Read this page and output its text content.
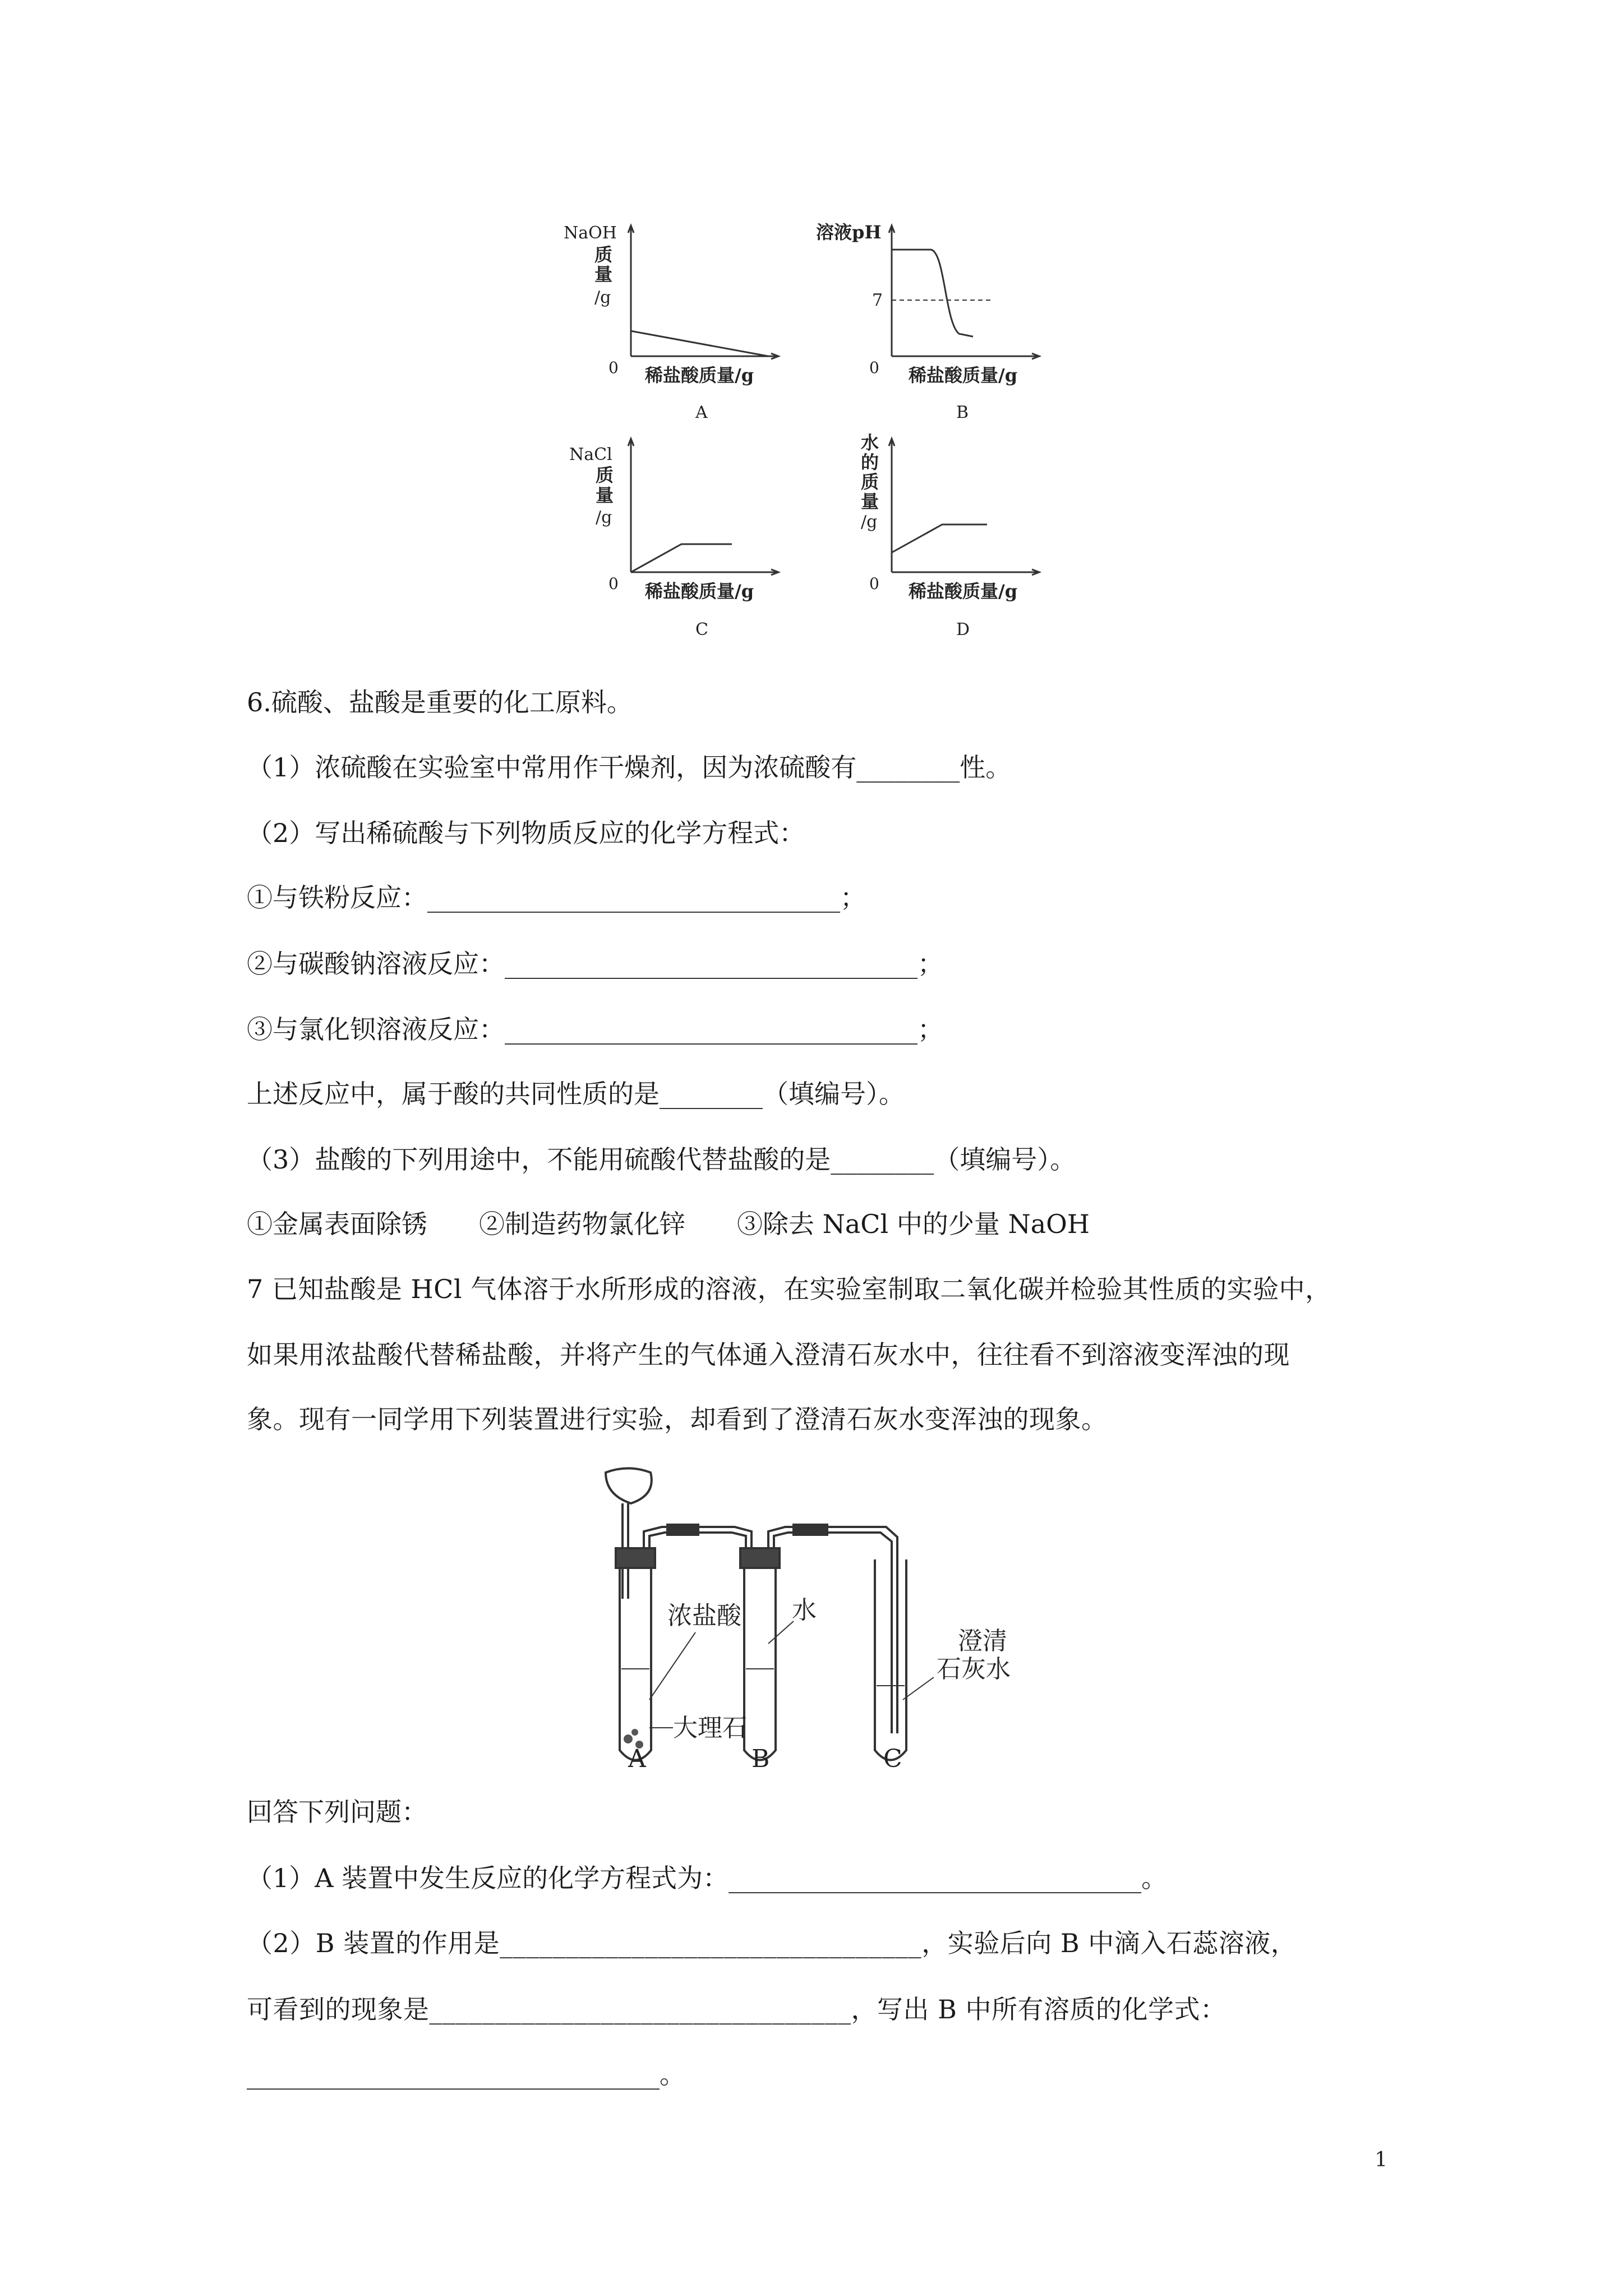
NaOH
质
量
/g
0 稀盐酸质量/g
A
溶液pH
7
0 稀盐酸质量/g
B
NaCl
质
量
/g
0 稀盐酸质量/g
C
水
的
质
量
/g
0 稀盐酸质量/g
D
6.硫酸、盐酸是重要的化工原料。
（1）浓硫酸在实验室中常用作干燥剂，因为浓硫酸有________性。
（2）写出稀硫酸与下列物质反应的化学方程式：
①与铁粉反应：________________________________；
②与碳酸钠溶液反应：________________________________；
③与氯化钡溶液反应：________________________________；
上述反应中，属于酸的共同性质的是________（填编号）。
（3）盐酸的下列用途中，不能用硫酸代替盐酸的是________（填编号）。
①金属表面除锈　　②制造药物氯化锌　　③除去 NaCl 中的少量 NaOH
7 已知盐酸是 HCl 气体溶于水所形成的溶液，在实验室制取二氧化碳并检验其性质的实验中，
如果用浓盐酸代替稀盐酸，并将产生的气体通入澄清石灰水中，往往看不到溶液变浑浊的现
象。现有一同学用下列装置进行实验，却看到了澄清石灰水变浑浊的现象。
浓盐酸 水
澄清
石灰水
大理石
A	B	C
回答下列问题：
（1）A 装置中发生反应的化学方程式为：________________________________。
（2）B 装置的作用是________________________________，实验后向 B 中滴入石蕊溶液，
可看到的现象是________________________________，写出 B 中所有溶质的化学式：
________________________________。
1
